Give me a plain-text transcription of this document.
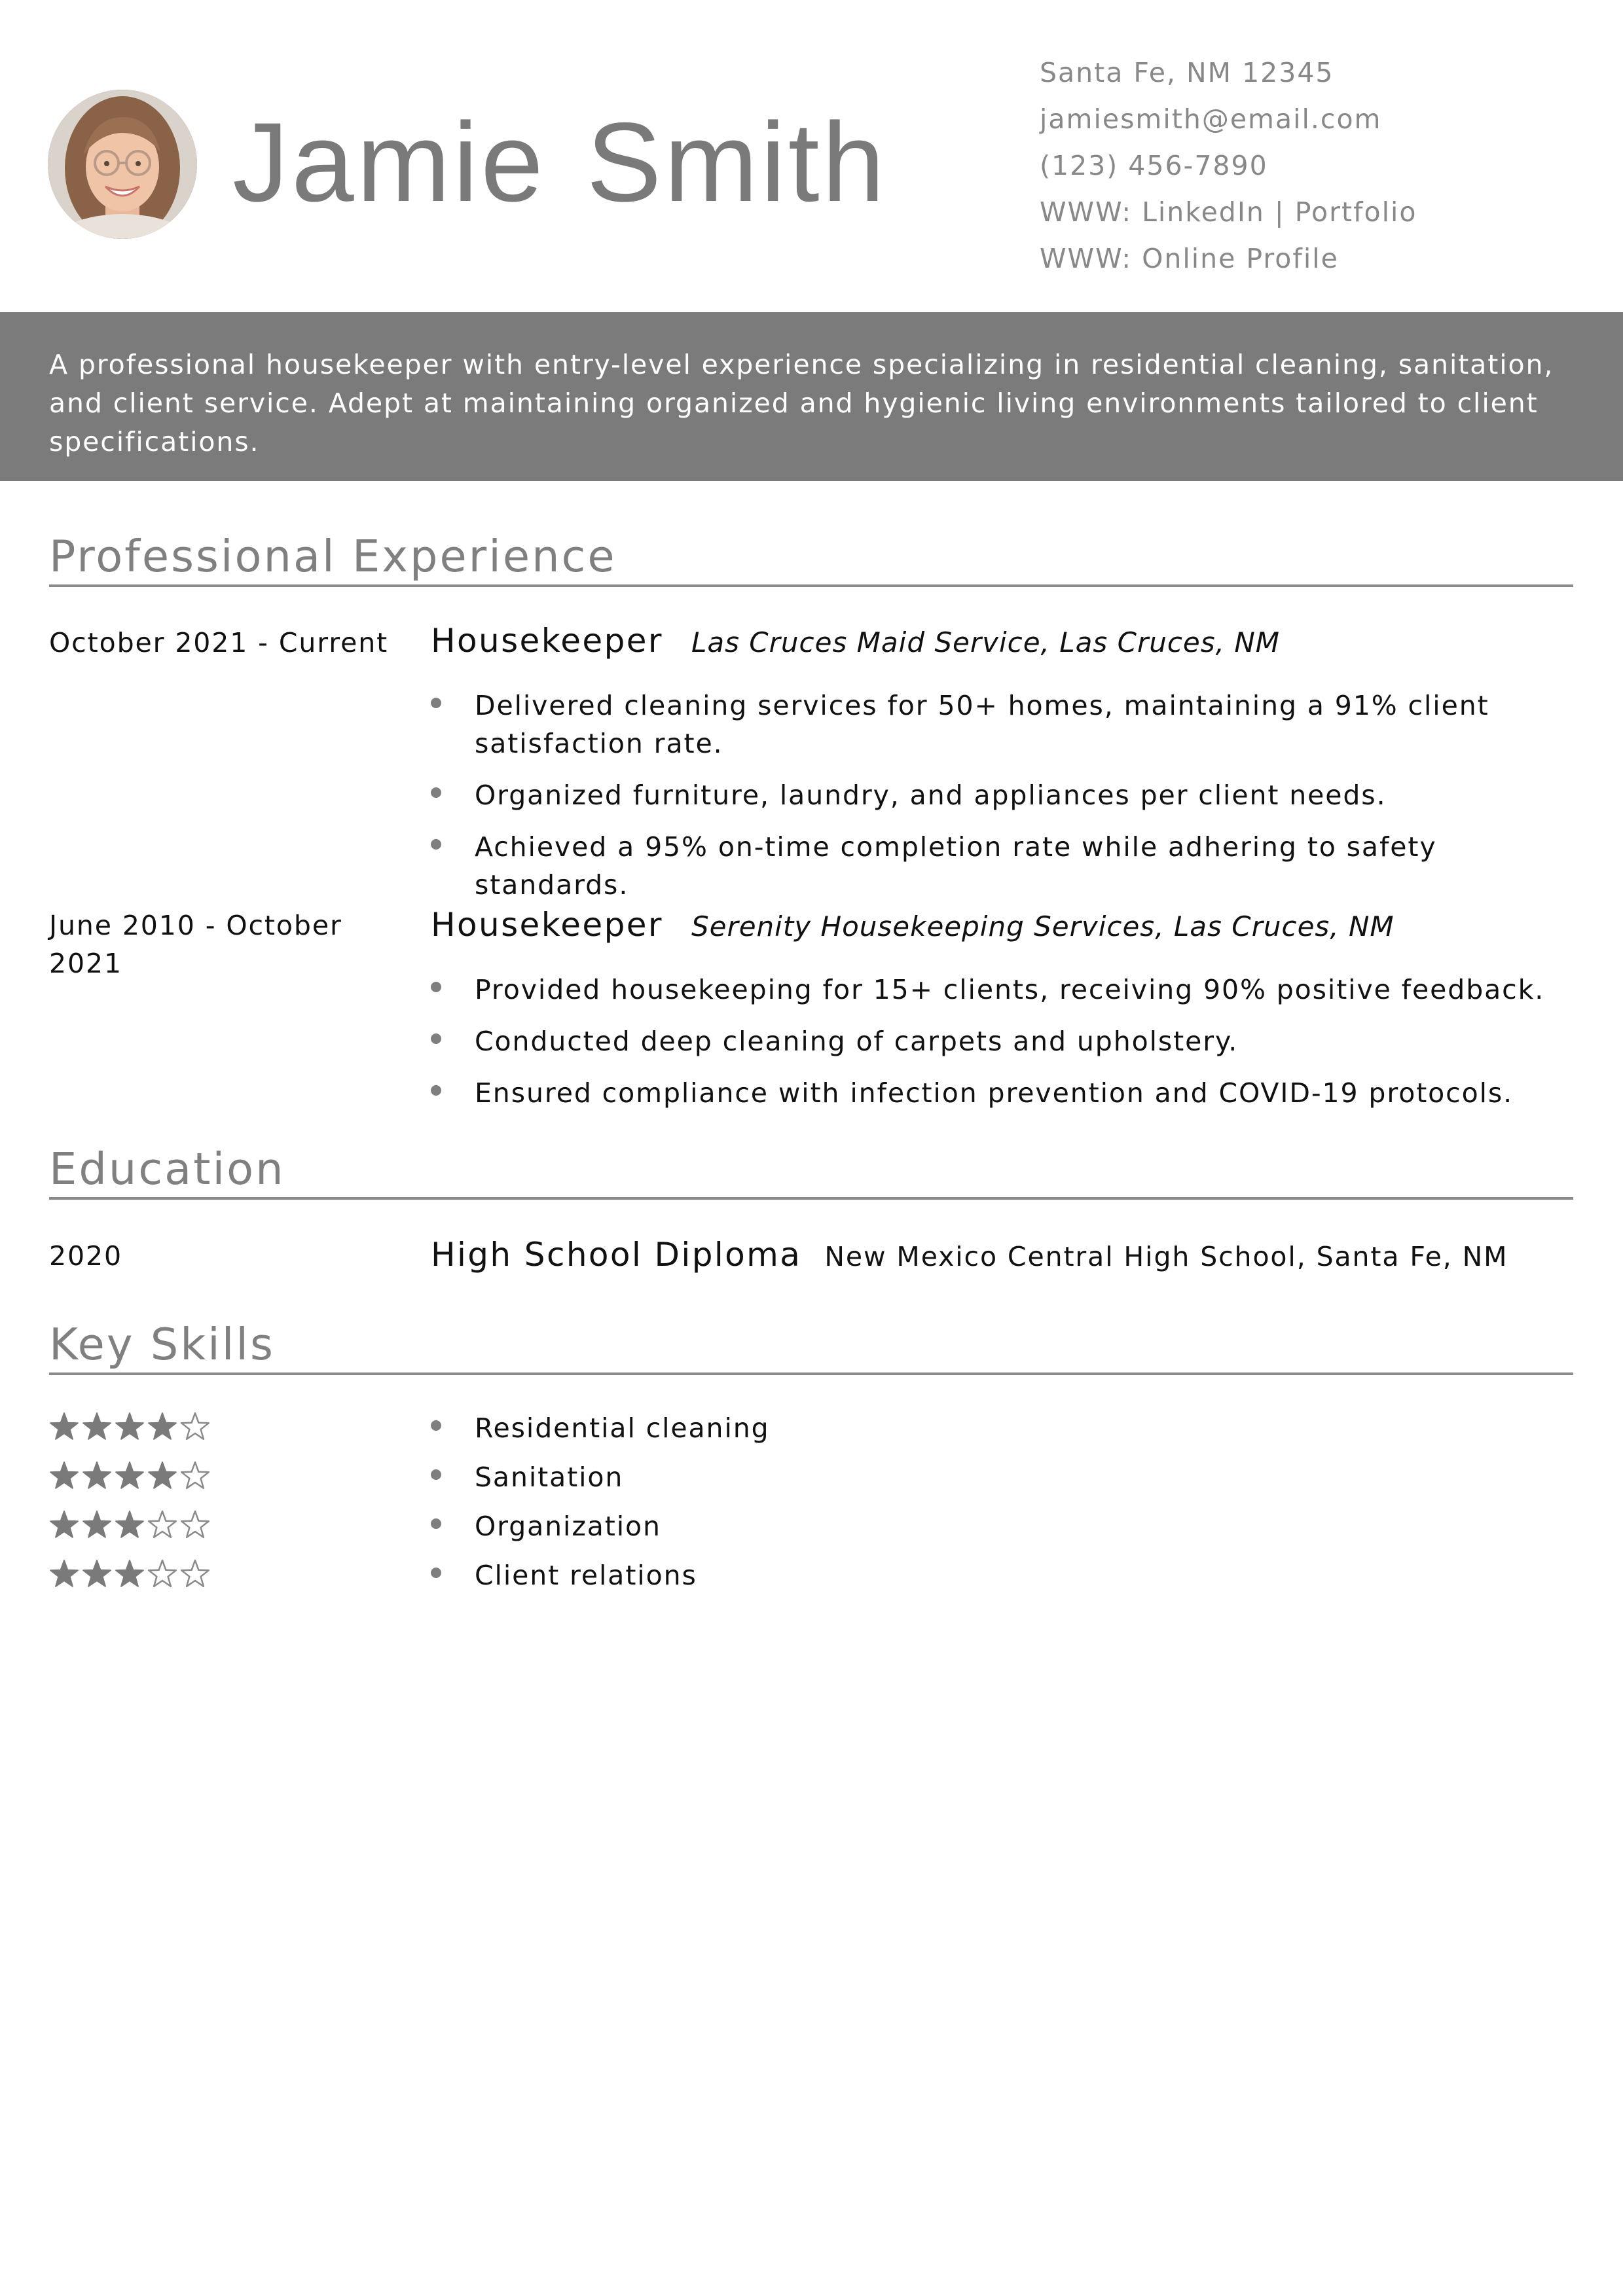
Jamie Smith
Santa Fe, NM 12345
jamiesmith@email.com
(123) 456-7890
WWW: LinkedIn | Portfolio
WWW: Online Profile
A professional housekeeper with entry-level experience specializing in residential cleaning, sanitation, and client service. Adept at maintaining organized and hygienic living environments tailored to client specifications.
Professional Experience
October 2021 - Current Housekeeper Las Cruces Maid Service, Las Cruces, NM
Delivered cleaning services for 50+ homes, maintaining a 91% client satisfaction rate.
Organized furniture, laundry, and appliances per client needs.
Achieved a 95% on-time completion rate while adhering to safety standards.
June 2010 - October 2021
Housekeeper Serenity Housekeeping Services, Las Cruces, NM
Provided housekeeping for 15+ clients, receiving 90% positive feedback.
Conducted deep cleaning of carpets and upholstery.
Ensured compliance with infection prevention and COVID-19 protocols.
Education
2020	High School Diploma New Mexico Central High School, Santa Fe, NM
Key Skills
Residential cleaning
Sanitation
Organization
Client relations
